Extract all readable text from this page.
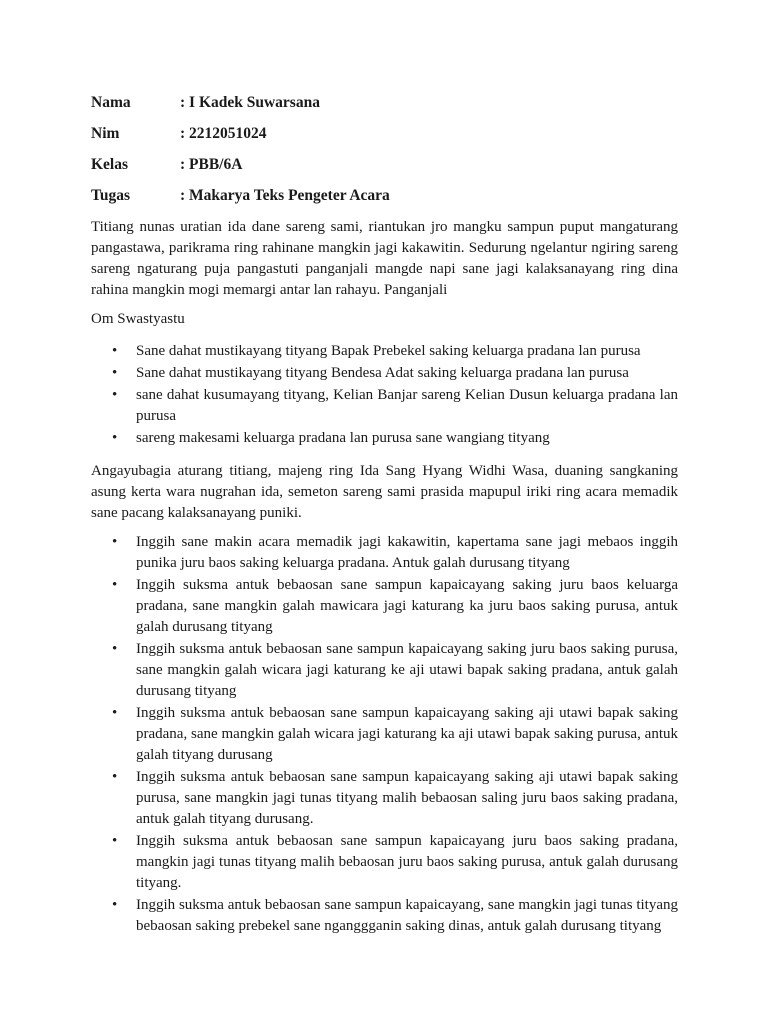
Nama	: I Kadek Suwarsana
Nim	: 2212051024
Kelas	: PBB/6A
Tugas	: Makarya Teks Pengeter Acara

Titiang nunas uratian ida dane sareng sami, riantukan jro mangku sampun puput mangaturang pangastawa, parikrama ring rahinane mangkin jagi kakawitin. Sedurung ngelantur ngiring sareng sareng ngaturang puja pangastuti panganjali mangde napi sane jagi kalaksanayang ring dina rahina mangkin mogi memargi antar lan rahayu. Panganjali

Om Swastyastu

• Sane dahat mustikayang tityang Bapak Prebekel saking keluarga pradana lan purusa
• Sane dahat mustikayang tityang Bendesa Adat saking keluarga pradana lan purusa
• sane dahat kusumayang tityang, Kelian Banjar sareng Kelian Dusun keluarga pradana lan purusa
• sareng makesami keluarga pradana lan purusa sane wangiang tityang

Angayubagia aturang titiang, majeng ring Ida Sang Hyang Widhi Wasa, duaning sangkaning asung kerta wara nugrahan ida, semeton sareng sami prasida mapupul iriki ring acara memadik sane pacang kalaksanayang puniki.

• Inggih sane makin acara memadik jagi kakawitin, kapertama sane jagi mebaos inggih punika juru baos saking keluarga pradana. Antuk galah durusang tityang
• Inggih suksma antuk bebaosan sane sampun kapaicayang saking juru baos keluarga pradana, sane mangkin galah mawicara jagi katurang ka juru baos saking purusa, antuk galah durusang tityang
• Inggih suksma antuk bebaosan sane sampun kapaicayang saking juru baos saking purusa, sane mangkin galah wicara jagi katurang ke aji utawi bapak saking pradana, antuk galah durusang tityang
• Inggih suksma antuk bebaosan sane sampun kapaicayang saking aji utawi bapak saking pradana, sane mangkin galah wicara jagi katurang ka aji utawi bapak saking purusa, antuk galah tityang durusang
• Inggih suksma antuk bebaosan sane sampun kapaicayang saking aji utawi bapak saking purusa, sane mangkin jagi tunas tityang malih bebaosan saling juru baos saking pradana, antuk galah tityang durusang.
• Inggih suksma antuk bebaosan sane sampun kapaicayang juru baos saking pradana, mangkin jagi tunas tityang malih bebaosan juru baos saking purusa, antuk galah durusang tityang.
• Inggih suksma antuk bebaosan sane sampun kapaicayang, sane mangkin jagi tunas tityang bebaosan saking prebekel sane nganggganin saking dinas, antuk galah durusang tityang
